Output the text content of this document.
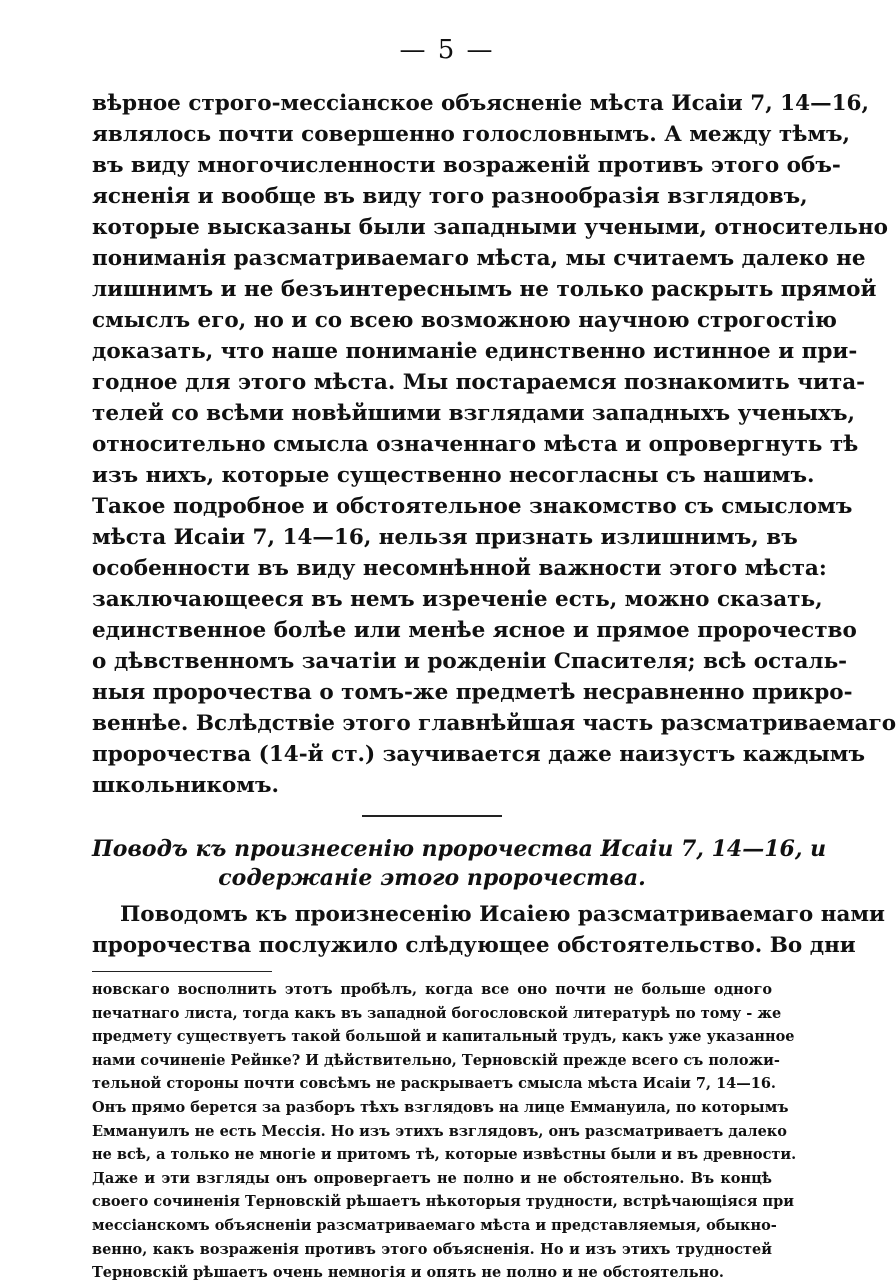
— 5 —
вѣрное строго-мессіанское объясненіе мѣста Исаіи 7, 14—16,
являлось почти совершенно голословнымъ. А между тѣмъ,
въ виду многочисленности возраженій противъ этого объ-
ясненія и вообще въ виду того разнообразія взглядовъ,
которые высказаны были западными учеными, относительно
пониманія разсматриваемаго мѣста, мы считаемъ далеко не
лишнимъ и не безъинтереснымъ не только раскрыть прямой
смыслъ его, но и со всею возможною научною строгостію
доказать, что наше пониманіе единственно истинное и при-
годное для этого мѣста. Мы постараемся познакомить чита-
телей со всѣми новѣйшими взглядами западныхъ ученыхъ,
относительно смысла означеннаго мѣста и опровергнуть тѣ
изъ нихъ, которые существенно несогласны съ нашимъ.
Такое подробное и обстоятельное знакомство съ смысломъ
мѣста Исаіи 7, 14—16, нельзя признать излишнимъ, въ
особенности въ виду несомнѣнной важности этого мѣста:
заключающееся въ немъ изреченіе есть, можно сказать,
единственное болѣе или менѣе ясное и прямое пророчество
о дѣвственномъ зачатіи и рожденіи Спасителя; всѣ осталь-
ныя пророчества о томъ-же предметѣ несравненно прикро-
веннѣе. Вслѣдствіе этого главнѣйшая часть разсматриваемаго
пророчества (14-й ст.) заучивается даже наизустъ каждымъ
школьникомъ.
Поводъ къ произнесенію пророчества Исаіи 7, 14—16, и
содержаніе этого пророчества.
Поводомъ къ произнесенію Исаіею разсматриваемаго нами
пророчества послужило слѣдующее обстоятельство. Во дни
новскаго восполнить этотъ пробѣлъ, когда все оно почти не больше одного
печатнаго листа, тогда какъ въ западной богословской литературѣ по тому - же
предмету существуетъ такой большой и капитальный трудъ, какъ уже указанное
нами сочиненіе Рейнке? И дѣйствительно, Терновскій прежде всего съ положи-
тельной стороны почти совсѣмъ не раскрываетъ смысла мѣста Исаіи 7, 14—16.
Онъ прямо берется за разборъ тѣхъ взглядовъ на лице Еммануила, по которымъ
Еммануилъ не есть Мессія. Но изъ этихъ взглядовъ, онъ разсматриваетъ далеко
не всѣ, а только не многіе и притомъ тѣ, которые извѣстны были и въ древности.
Даже и эти взгляды онъ опровергаетъ не полно и не обстоятельно. Въ концѣ
своего сочиненія Терновскій рѣшаетъ нѣкоторыя трудности, встрѣчающіяся при
мессіанскомъ объясненіи разсматриваемаго мѣста и представляемыя, обыкно-
венно, какъ возраженія противъ этого объясненія. Но и изъ этихъ трудностей
Терновскій рѣшаетъ очень немногія и опять не полно и не обстоятельно.
